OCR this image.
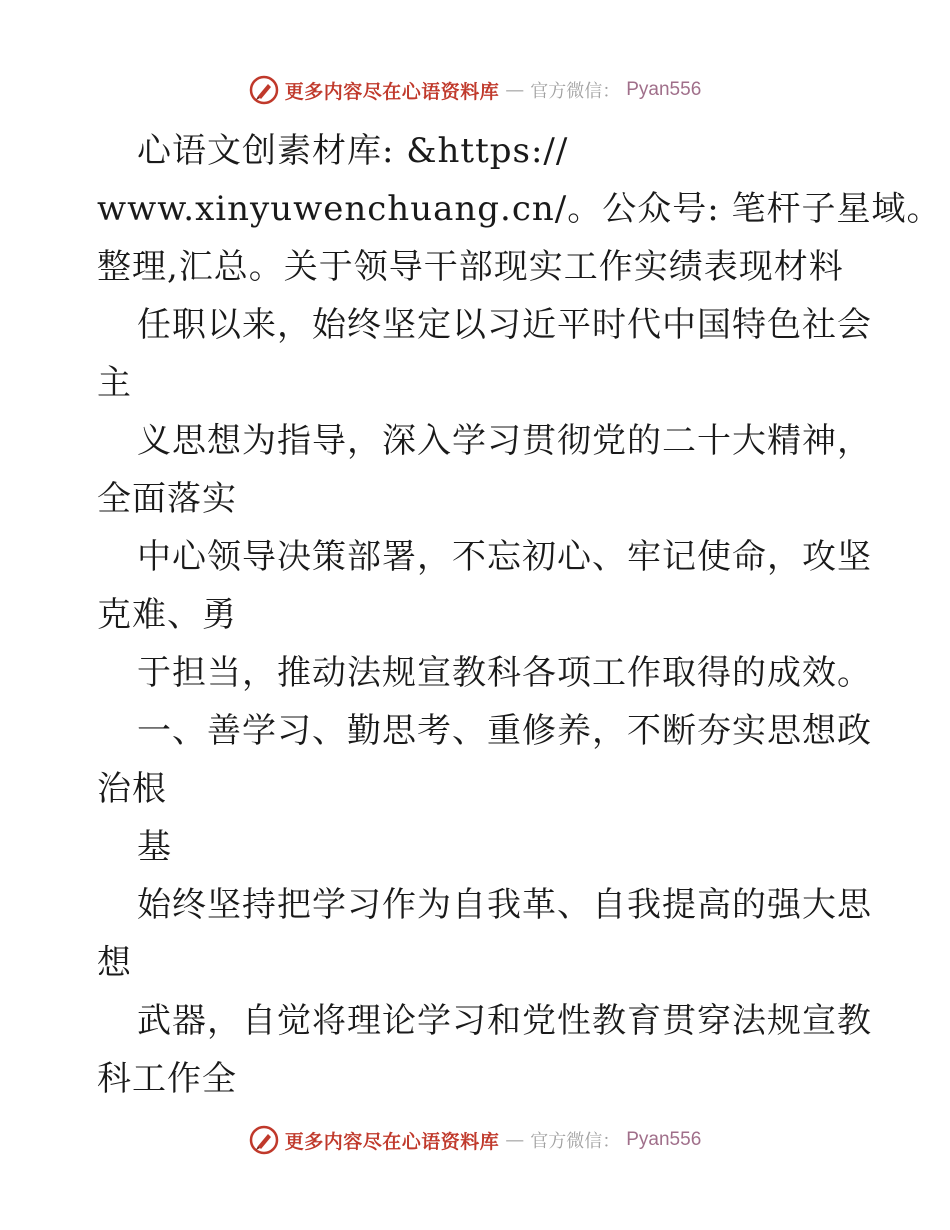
更多内容尽在心语资料库 — 官方微信： Pyan556
心语文创素材库: &https://
www.xinyuwenchuang.cn/。公众号: 笔杆子星域。
整理,汇总。关于领导干部现实工作实绩表现材料
任职以来，始终坚定以习近平时代中国特色社会
主
义思想为指导，深入学习贯彻党的二十大精神，
全面落实
中心领导决策部署，不忘初心、牢记使命，攻坚
克难、勇
于担当，推动法规宣教科各项工作取得的成效。
一、善学习、勤思考、重修养，不断夯实思想政
治根
基
始终坚持把学习作为自我革、自我提高的强大思
想
武器，自觉将理论学习和党性教育贯穿法规宣教
科工作全
更多内容尽在心语资料库 — 官方微信： Pyan556
